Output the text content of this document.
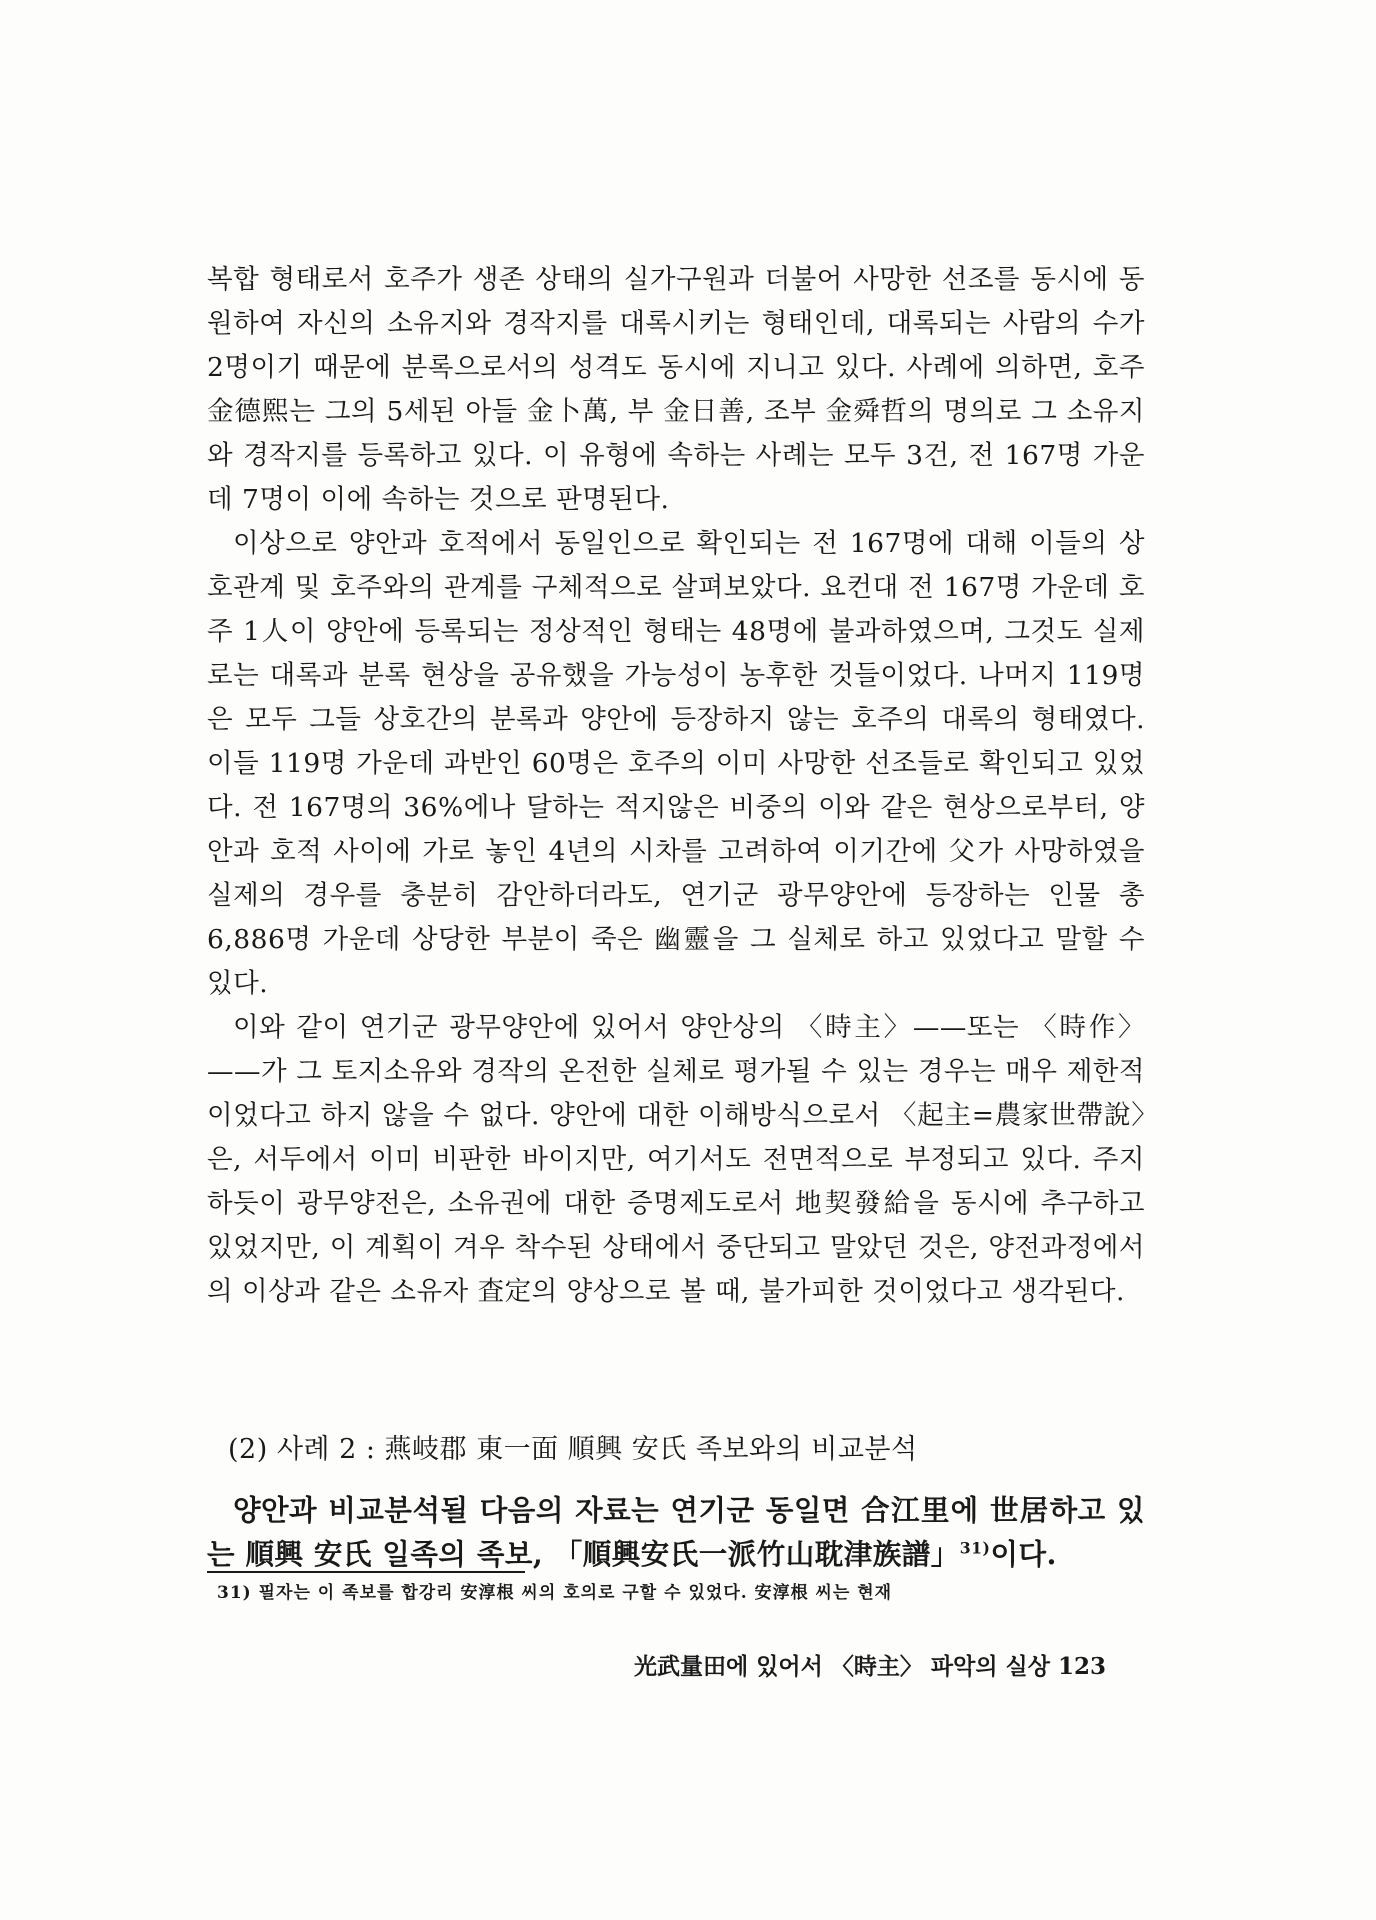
복합 형태로서 호주가 생존 상태의 실가구원과 더불어 사망한 선조를 동시에 동원하여 자신의 소유지와 경작지를 대록시키는 형태인데, 대록되는 사람의 수가 2명이기 때문에 분록으로서의 성격도 동시에 지니고 있다. 사례에 의하면, 호주 金德熙는 그의 5세된 아들 金卜萬, 부 金日善, 조부 金舜哲의 명의로 그 소유지와 경작지를 등록하고 있다. 이 유형에 속하는 사례는 모두 3건, 전 167명 가운데 7명이 이에 속하는 것으로 판명된다.

이상으로 양안과 호적에서 동일인으로 확인되는 전 167명에 대해 이들의 상호관계 및 호주와의 관계를 구체적으로 살펴보았다. 요컨대 전 167명 가운데 호주 1人이 양안에 등록되는 정상적인 형태는 48명에 불과하였으며, 그것도 실제로는 대록과 분록 현상을 공유했을 가능성이 농후한 것들이었다. 나머지 119명은 모두 그들 상호간의 분록과 양안에 등장하지 않는 호주의 대록의 형태였다. 이들 119명 가운데 과반인 60명은 호주의 이미 사망한 선조들로 확인되고 있었다. 전 167명의 36%에나 달하는 적지않은 비중의 이와 같은 현상으로부터, 양안과 호적 사이에 가로 놓인 4년의 시차를 고려하여 이기간에 父가 사망하였을 실제의 경우를 충분히 감안하더라도, 연기군 광무양안에 등장하는 인물 총 6,886명 가운데 상당한 부분이 죽은 幽靈을 그 실체로 하고 있었다고 말할 수 있다.

이와 같이 연기군 광무양안에 있어서 양안상의 〈時主〉——또는 〈時作〉——가 그 토지소유와 경작의 온전한 실체로 평가될 수 있는 경우는 매우 제한적이었다고 하지 않을 수 없다. 양안에 대한 이해방식으로서 〈起主=農家世帶說〉은, 서두에서 이미 비판한 바이지만, 여기서도 전면적으로 부정되고 있다. 주지하듯이 광무양전은, 소유권에 대한 증명제도로서 地契發給을 동시에 추구하고 있었지만, 이 계획이 겨우 착수된 상태에서 중단되고 말았던 것은, 양전과정에서의 이상과 같은 소유자 査定의 양상으로 볼 때, 불가피한 것이었다고 생각된다.

(2) 사례 2 : 燕岐郡 東一面 順興 安氏 족보와의 비교분석

양안과 비교분석될 다음의 자료는 연기군 동일면 合江里에 世居하고 있는 順興 安氏 일족의 족보, 「順興安氏一派竹山耽津族譜」$^{31)}$이다.

31) 필자는 이 족보를 합강리 安淳根 씨의 호의로 구할 수 있었다. 安淳根 씨는 현재
光武量田에 있어서 〈時主〉 파악의 실상 123
